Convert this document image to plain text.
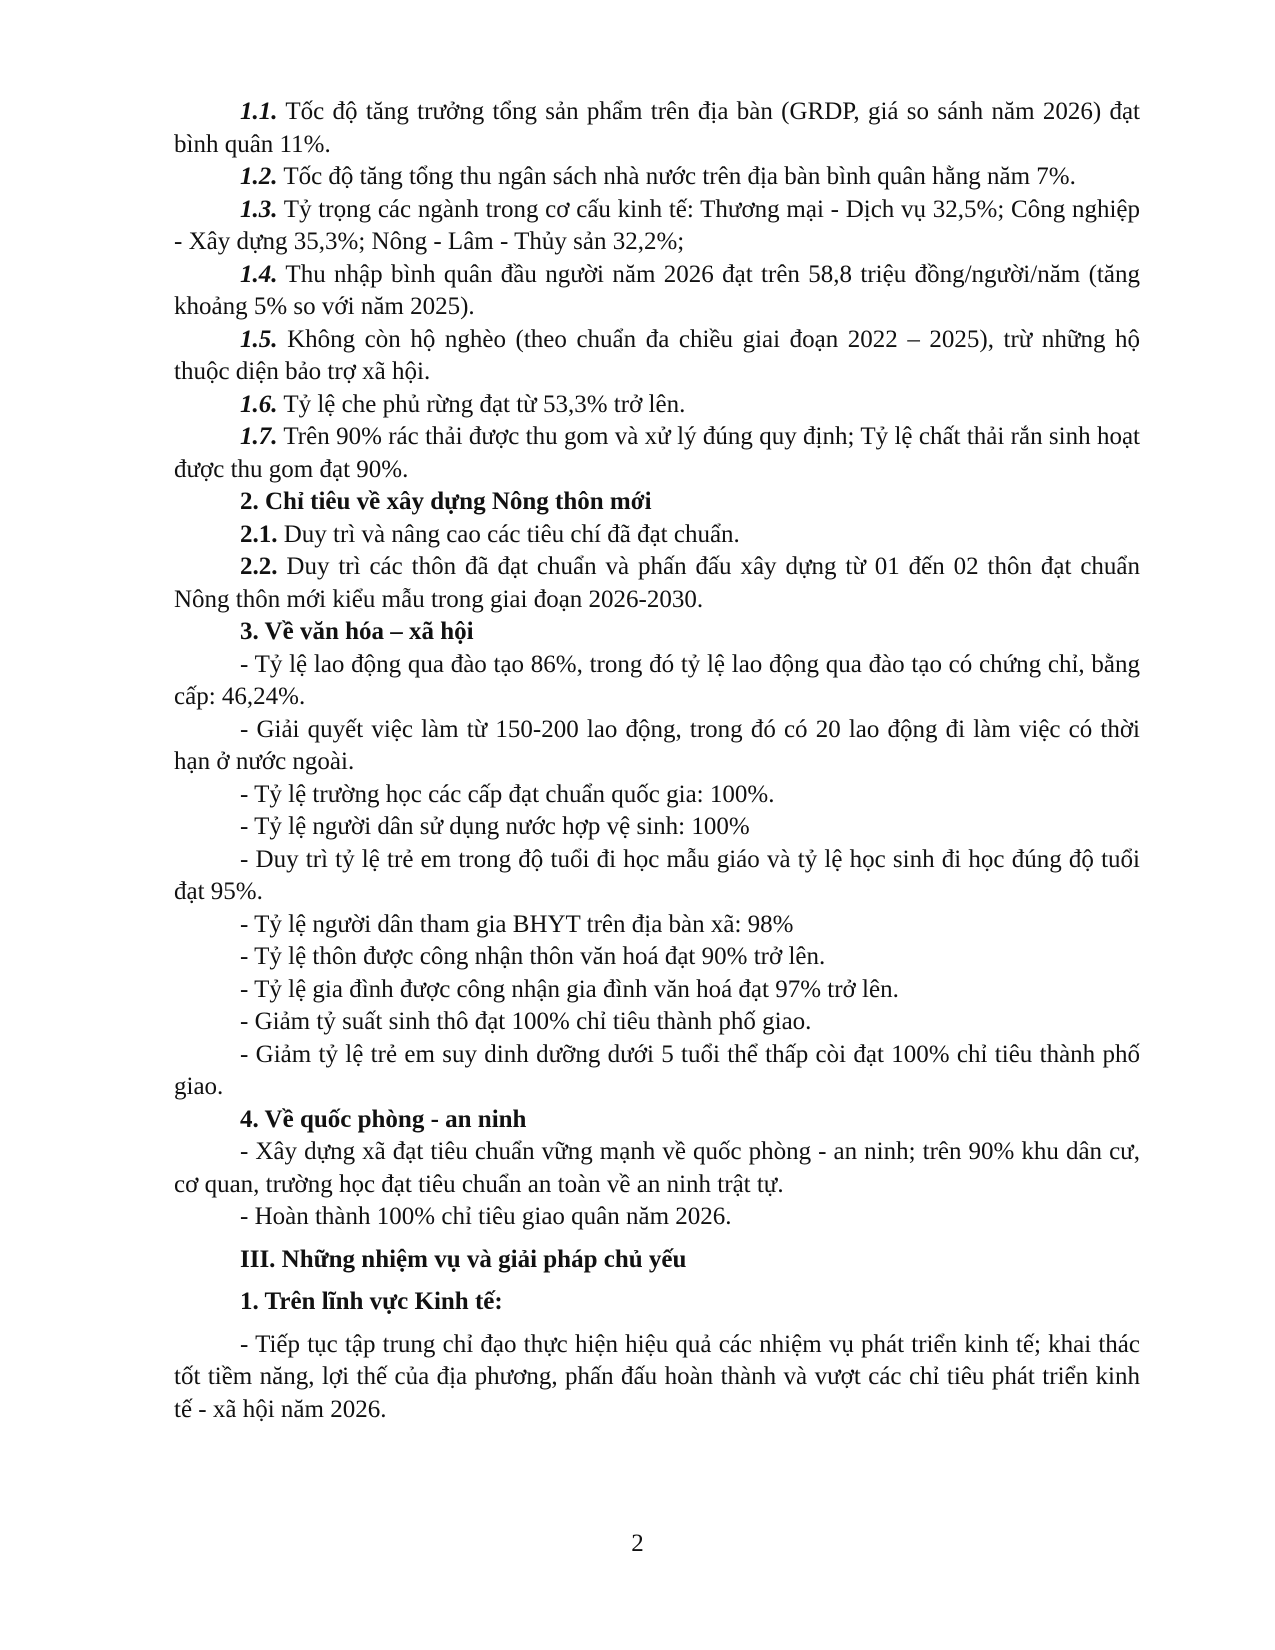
1.1. Tốc độ tăng trưởng tổng sản phẩm trên địa bàn (GRDP, giá so sánh năm 2026) đạt bình quân 11%.

1.2. Tốc độ tăng tổng thu ngân sách nhà nước trên địa bàn bình quân hằng năm 7%.

1.3. Tỷ trọng các ngành trong cơ cấu kinh tế: Thương mại - Dịch vụ 32,5%; Công nghiệp - Xây dựng 35,3%; Nông - Lâm - Thủy sản 32,2%;

1.4. Thu nhập bình quân đầu người năm 2026 đạt trên 58,8 triệu đồng/người/năm (tăng khoảng 5% so với năm 2025).

1.5. Không còn hộ nghèo (theo chuẩn đa chiều giai đoạn 2022 – 2025), trừ những hộ thuộc diện bảo trợ xã hội.

1.6. Tỷ lệ che phủ rừng đạt từ 53,3% trở lên.

1.7. Trên 90% rác thải được thu gom và xử lý đúng quy định; Tỷ lệ chất thải rắn sinh hoạt được thu gom đạt 90%.

2. Chỉ tiêu về xây dựng Nông thôn mới

2.1. Duy trì và nâng cao các tiêu chí đã đạt chuẩn.

2.2. Duy trì các thôn đã đạt chuẩn và phấn đấu xây dựng từ 01 đến 02 thôn đạt chuẩn Nông thôn mới kiểu mẫu trong giai đoạn 2026-2030.

3. Về văn hóa – xã hội

- Tỷ lệ lao động qua đào tạo 86%, trong đó tỷ lệ lao động qua đào tạo có chứng chỉ, bằng cấp: 46,24%.

- Giải quyết việc làm từ 150-200 lao động, trong đó có 20 lao động đi làm việc có thời hạn ở nước ngoài.

- Tỷ lệ trường học các cấp đạt chuẩn quốc gia: 100%.

- Tỷ lệ người dân sử dụng nước hợp vệ sinh: 100%

- Duy trì tỷ lệ trẻ em trong độ tuổi đi học mẫu giáo và tỷ lệ học sinh đi học đúng độ tuổi đạt 95%.

- Tỷ lệ người dân tham gia BHYT trên địa bàn xã: 98%

- Tỷ lệ thôn được công nhận thôn văn hoá đạt 90% trở lên.

- Tỷ lệ gia đình được công nhận gia đình văn hoá đạt 97% trở lên.

- Giảm tỷ suất sinh thô đạt 100% chỉ tiêu thành phố giao.

- Giảm tỷ lệ trẻ em suy dinh dưỡng dưới 5 tuổi thể thấp còi đạt 100% chỉ tiêu thành phố giao.

4. Về quốc phòng - an ninh

- Xây dựng xã đạt tiêu chuẩn vững mạnh về quốc phòng - an ninh; trên 90% khu dân cư, cơ quan, trường học đạt tiêu chuẩn an toàn về an ninh trật tự.

- Hoàn thành 100% chỉ tiêu giao quân năm 2026.

III. Những nhiệm vụ và giải pháp chủ yếu

1. Trên lĩnh vực Kinh tế:

- Tiếp tục tập trung chỉ đạo thực hiện hiệu quả các nhiệm vụ phát triển kinh tế; khai thác tốt tiềm năng, lợi thế của địa phương, phấn đấu hoàn thành và vượt các chỉ tiêu phát triển kinh tế - xã hội năm 2026.

2
